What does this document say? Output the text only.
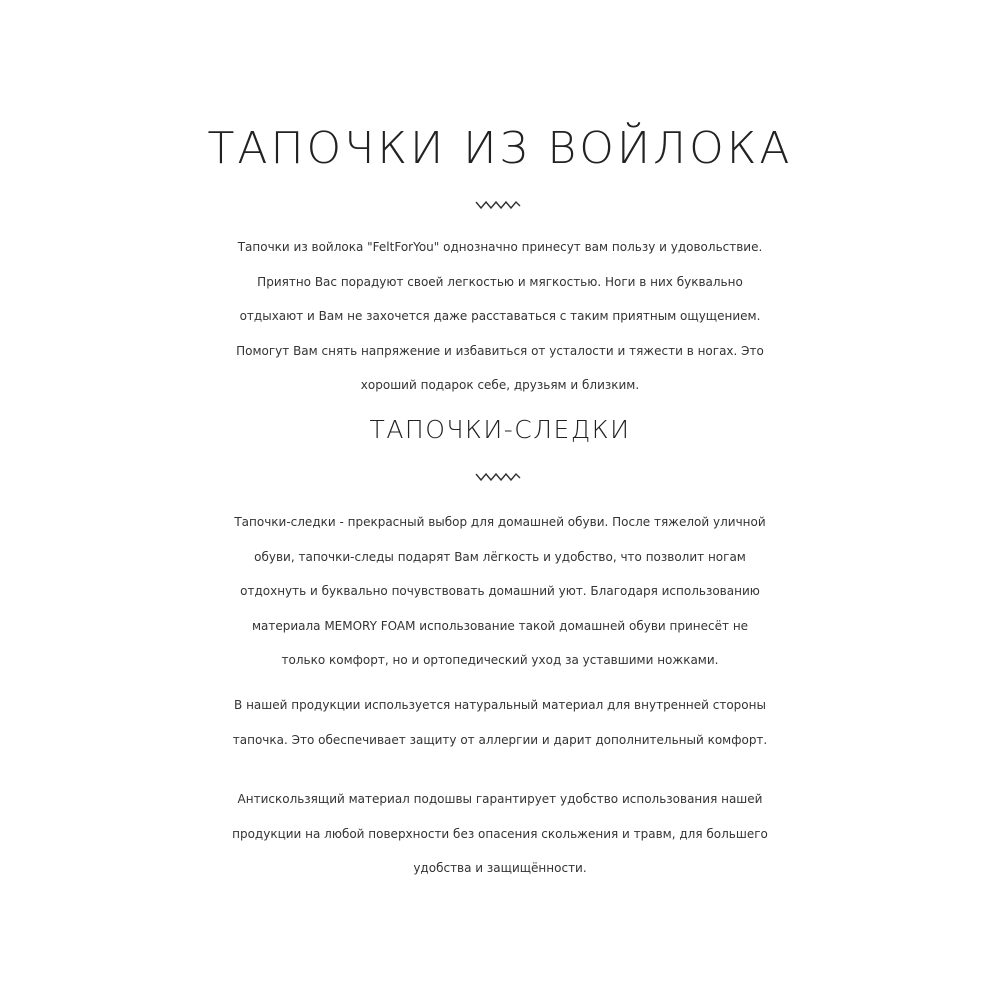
ТАПОЧКИ ИЗ ВОЙЛОКА

Тапочки из войлока "FeltForYou" однозначно принесут вам пользу и удовольствие.
Приятно Вас порадуют своей легкостью и мягкостью. Ноги в них буквально
отдыхают и Вам не захочется даже расставаться с таким приятным ощущением.
Помогут Вам снять напряжение и избавиться от усталости и тяжести в ногах. Это
хороший подарок себе, друзьям и близким.

ТАПОЧКИ-СЛЕДКИ

Тапочки-следки - прекрасный выбор для домашней обуви. После тяжелой уличной
обуви, тапочки-следы подарят Вам лёгкость и удобство, что позволит ногам
отдохнуть и буквально почувствовать домашний уют. Благодаря использованию
материала MEMORY FOAM использование такой домашней обуви принесёт не
только комфорт, но и ортопедический уход за уставшими ножками.

В нашей продукции используется натуральный материал для внутренней стороны
тапочка. Это обеспечивает защиту от аллергии и дарит дополнительный комфорт.

Антискользящий материал подошвы гарантирует удобство использования нашей
продукции на любой поверхности без опасения скольжения и травм, для большего
удобства и защищённости.
